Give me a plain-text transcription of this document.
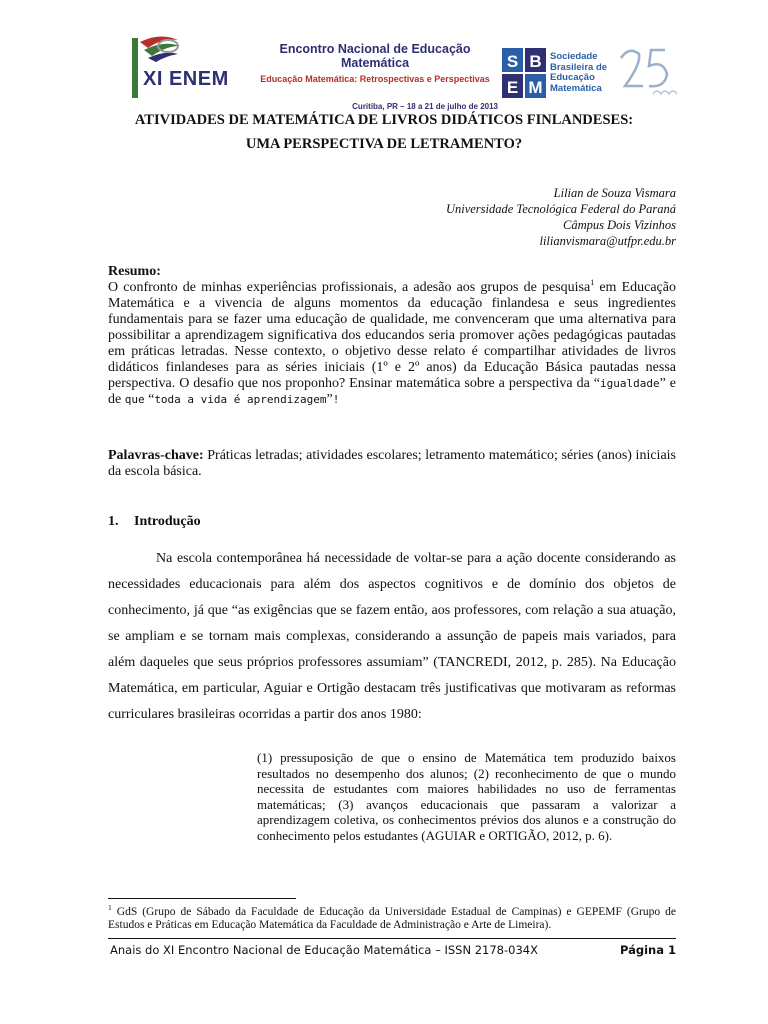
XI ENEM
Encontro Nacional de Educação Matemática
Educação Matemática: Retrospectivas e Perspectivas
Curitiba, PR – 18 a 21 de julho de 2013
S B
E M
Sociedade
Brasileira de
Educação
Matemática
ATIVIDADES DE MATEMÁTICA DE LIVROS DIDÁTICOS FINLANDESES:
UMA PERSPECTIVA DE LETRAMENTO?
Lilian de Souza Vismara
Universidade Tecnológica Federal do Paraná
Câmpus Dois Vizinhos
lilianvismara@utfpr.edu.br
Resumo:
O confronto de minhas experiências profissionais, a adesão aos grupos de pesquisa$^1$ em Educação Matemática e a vivencia de alguns momentos da educação finlandesa e seus ingredientes fundamentais para se fazer uma educação de qualidade, me convenceram que uma alternativa para possibilitar a aprendizagem significativa dos educandos seria promover ações pedagógicas pautadas em práticas letradas. Nesse contexto, o objetivo desse relato é compartilhar atividades de livros didáticos finlandeses para as séries iniciais (1º e 2º anos) da Educação Básica pautadas nessa perspectiva. O desafio que nos proponho? Ensinar matemática sobre a perspectiva da “igualdade” e de que “toda a vida é aprendizagem”!
Palavras-chave: Práticas letradas; atividades escolares; letramento matemático; séries (anos) iniciais da escola básica.
1. Introdução
Na escola contemporânea há necessidade de voltar-se para a ação docente considerando as necessidades educacionais para além dos aspectos cognitivos e de domínio dos objetos de conhecimento, já que “as exigências que se fazem então, aos professores, com relação a sua atuação, se ampliam e se tornam mais complexas, considerando a assunção de papeis mais variados, para além daqueles que seus próprios professores assumiam” (TANCREDI, 2012, p. 285). Na Educação Matemática, em particular, Aguiar e Ortigão destacam três justificativas que motivaram as reformas curriculares brasileiras ocorridas a partir dos anos 1980:
(1) pressuposição de que o ensino de Matemática tem produzido baixos resultados no desempenho dos alunos; (2) reconhecimento de que o mundo necessita de estudantes com maiores habilidades no uso de ferramentas matemáticas; (3) avanços educacionais que passaram a valorizar a aprendizagem coletiva, os conhecimentos prévios dos alunos e a construção do conhecimento pelos estudantes (AGUIAR e ORTIGÃO, 2012, p. 6).
$^1$ GdS (Grupo de Sábado da Faculdade de Educação da Universidade Estadual de Campinas) e GEPEMF (Grupo de Estudos e Práticas em Educação Matemática da Faculdade de Administração e Arte de Limeira).
Anais do XI Encontro Nacional de Educação Matemática – ISSN 2178-034X	Página 1
